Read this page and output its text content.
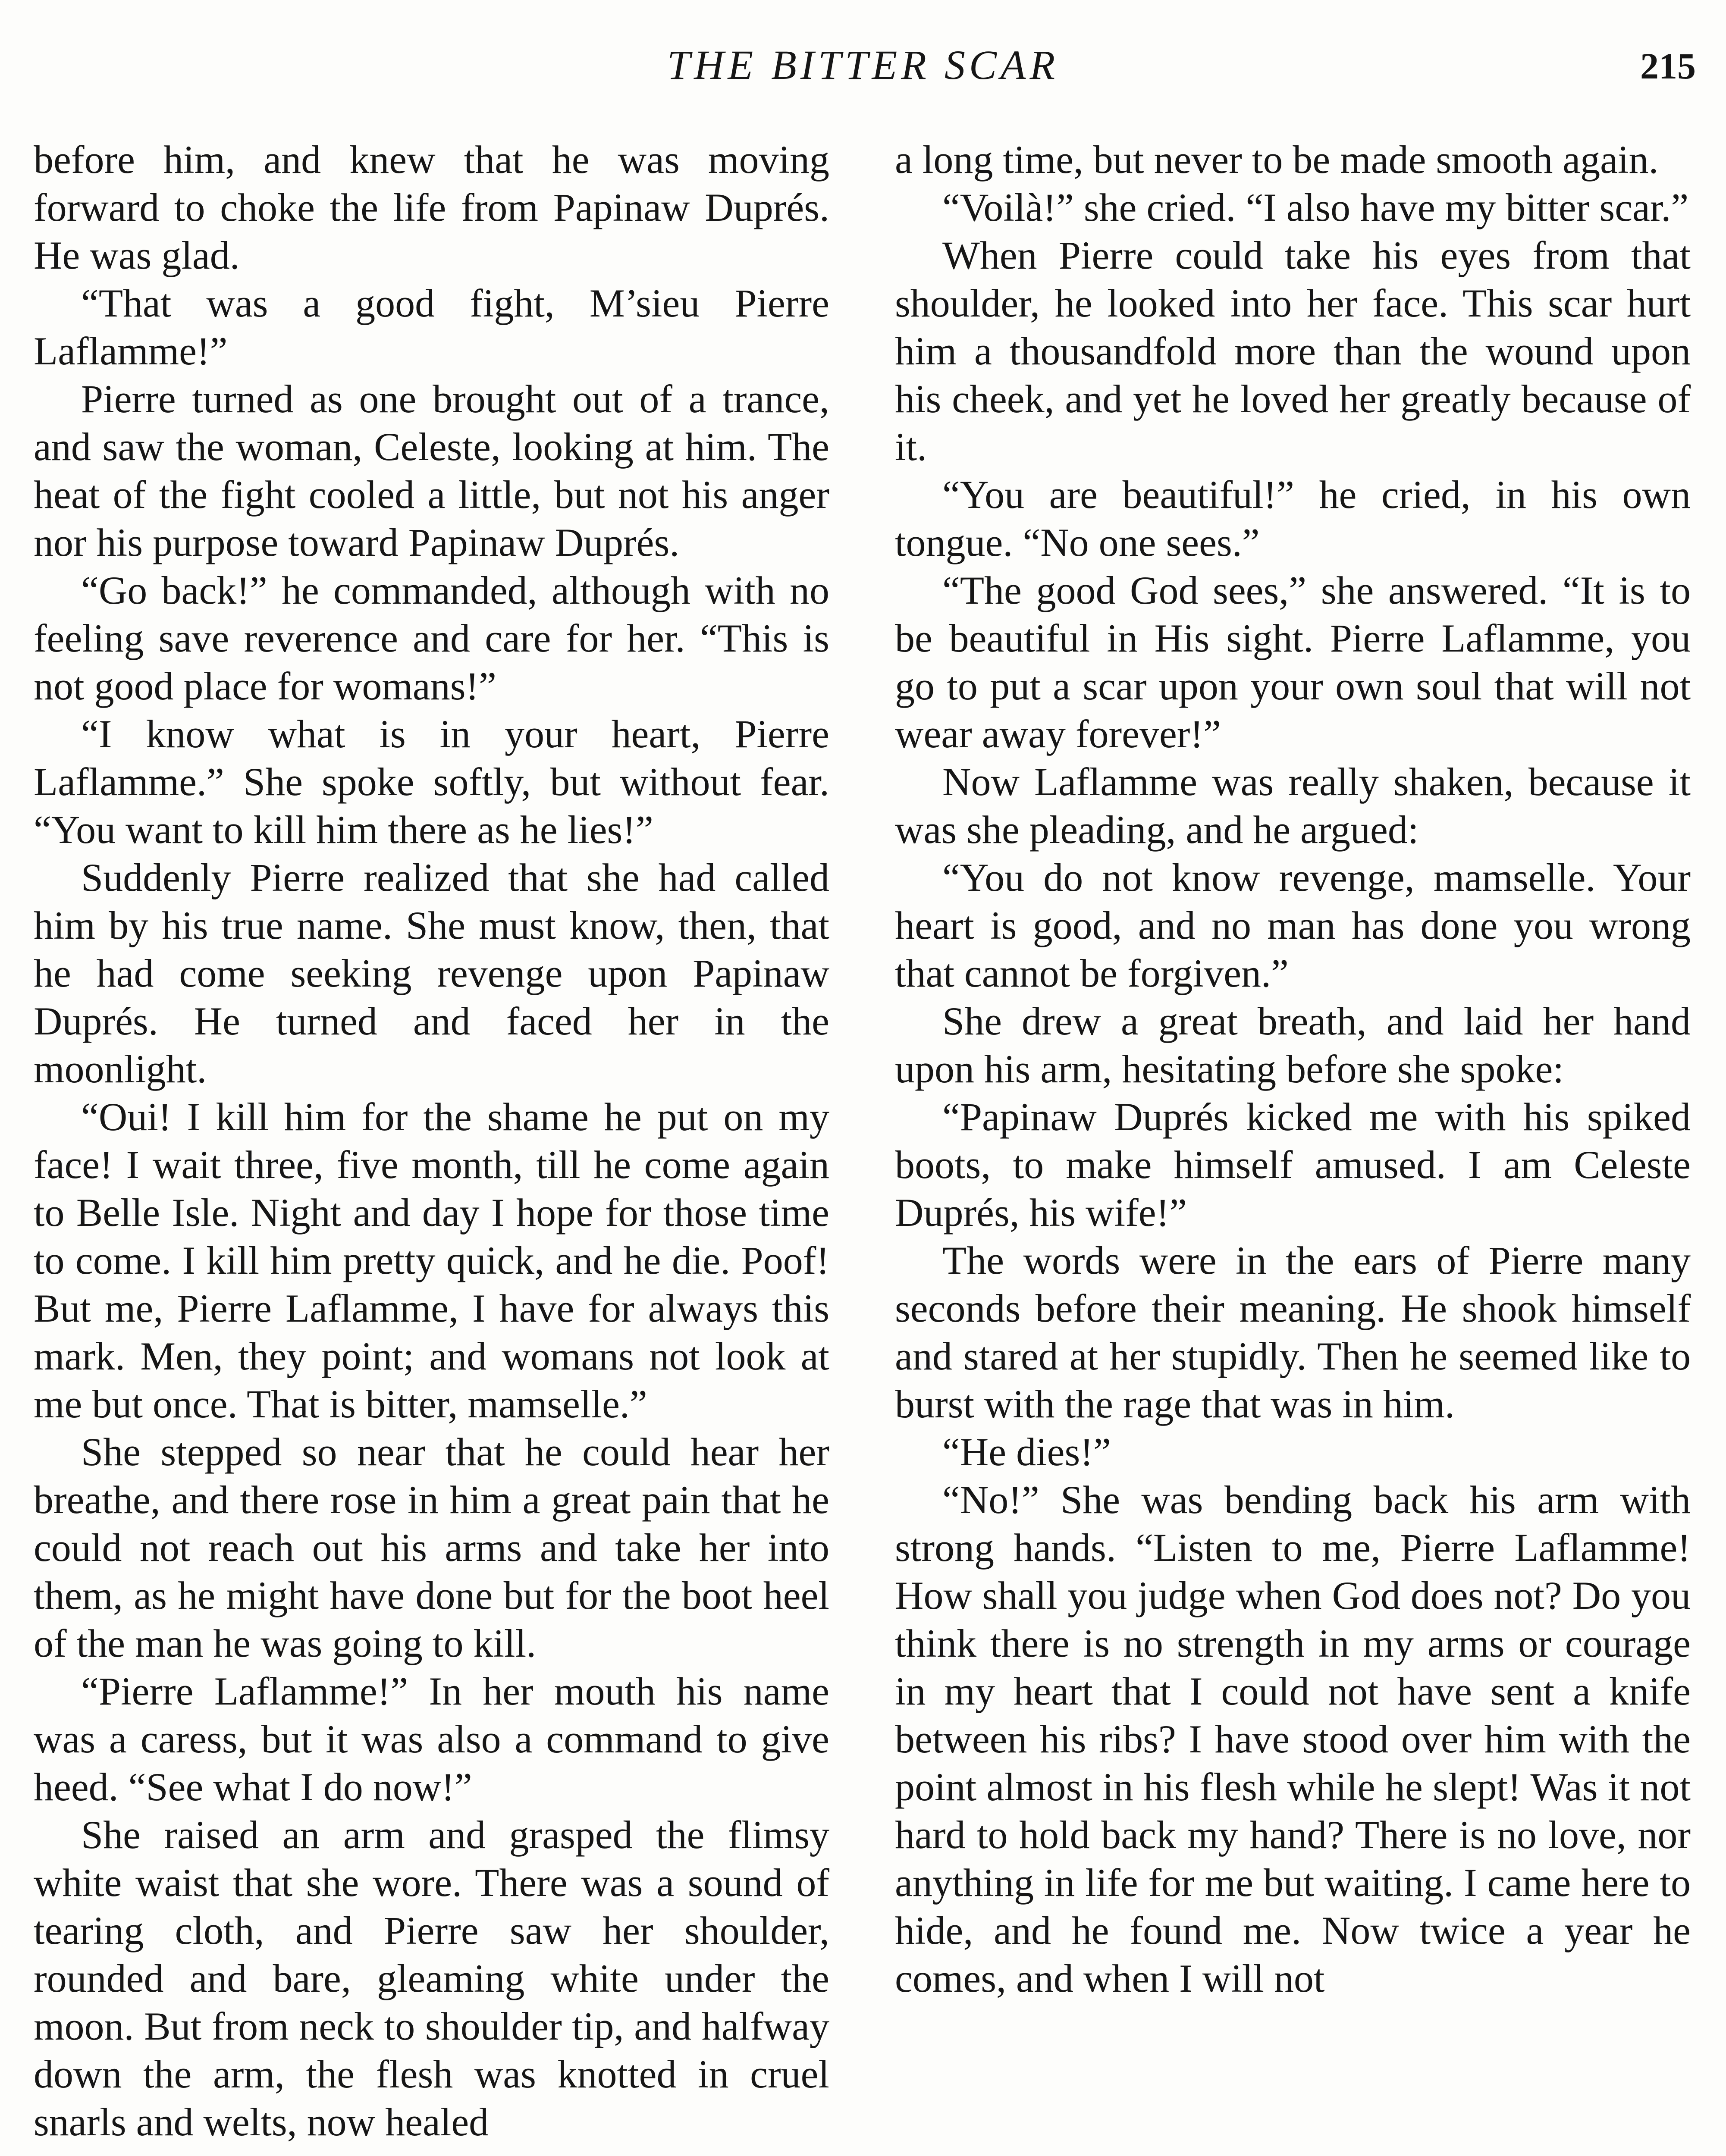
THE BITTER SCAR	215

before him, and knew that he was moving forward to choke the life from Papinaw Duprés. He was glad.

“That was a good fight, M’sieu Pierre Laflamme!”

Pierre turned as one brought out of a trance, and saw the woman, Celeste, looking at him. The heat of the fight cooled a little, but not his anger nor his purpose toward Papinaw Duprés.

“Go back!” he commanded, although with no feeling save reverence and care for her. “This is not good place for womans!”

“I know what is in your heart, Pierre Laflamme.” She spoke softly, but without fear. “You want to kill him there as he lies!”

Suddenly Pierre realized that she had called him by his true name. She must know, then, that he had come seeking revenge upon Papinaw Duprés. He turned and faced her in the moonlight.

“Oui! I kill him for the shame he put on my face! I wait three, five month, till he come again to Belle Isle. Night and day I hope for those time to come. I kill him pretty quick, and he die. Poof! But me, Pierre Laflamme, I have for always this mark. Men, they point; and womans not look at me but once. That is bitter, mamselle.”

She stepped so near that he could hear her breathe, and there rose in him a great pain that he could not reach out his arms and take her into them, as he might have done but for the boot heel of the man he was going to kill.

“Pierre Laflamme!” In her mouth his name was a caress, but it was also a command to give heed. “See what I do now!”

She raised an arm and grasped the flimsy white waist that she wore. There was a sound of tearing cloth, and Pierre saw her shoulder, rounded and bare, gleaming white under the moon. But from neck to shoulder tip, and halfway down the arm, the flesh was knotted in cruel snarls and welts, now healed

a long time, but never to be made smooth again.

“Voilà!” she cried. “I also have my bitter scar.”

When Pierre could take his eyes from that shoulder, he looked into her face. This scar hurt him a thousandfold more than the wound upon his cheek, and yet he loved her greatly because of it.

“You are beautiful!” he cried, in his own tongue. “No one sees.”

“The good God sees,” she answered. “It is to be beautiful in His sight. Pierre Laflamme, you go to put a scar upon your own soul that will not wear away forever!”

Now Laflamme was really shaken, because it was she pleading, and he argued:

“You do not know revenge, mamselle. Your heart is good, and no man has done you wrong that cannot be forgiven.”

She drew a great breath, and laid her hand upon his arm, hesitating before she spoke:

“Papinaw Duprés kicked me with his spiked boots, to make himself amused. I am Celeste Duprés, his wife!”

The words were in the ears of Pierre many seconds before their meaning. He shook himself and stared at her stupidly. Then he seemed like to burst with the rage that was in him.

“He dies!”

“No!” She was bending back his arm with strong hands. “Listen to me, Pierre Laflamme! How shall you judge when God does not? Do you think there is no strength in my arms or courage in my heart that I could not have sent a knife between his ribs? I have stood over him with the point almost in his flesh while he slept! Was it not hard to hold back my hand? There is no love, nor anything in life for me but waiting. I came here to hide, and he found me. Now twice a year he comes, and when I will not
